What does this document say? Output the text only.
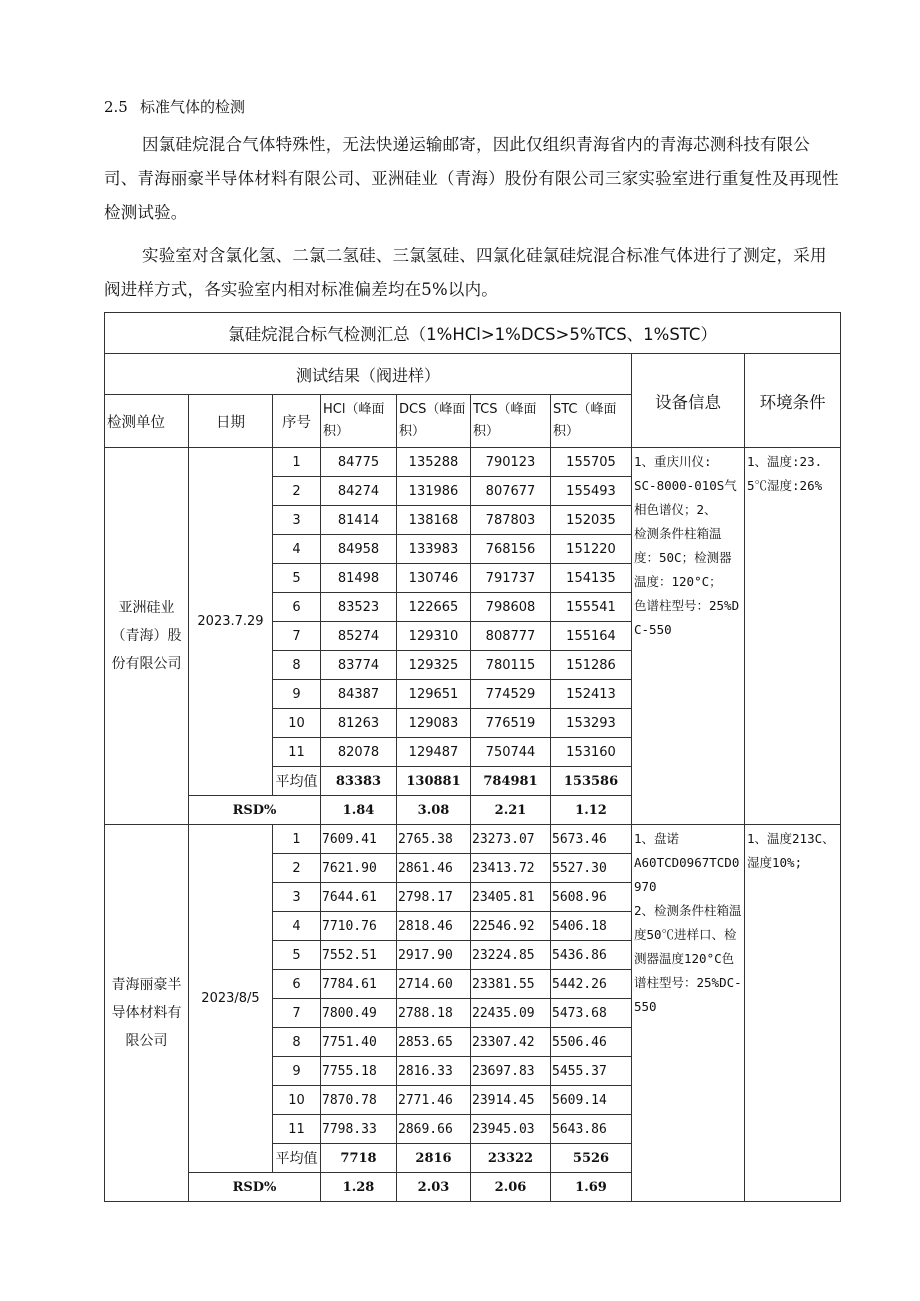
2.5 标准气体的检测
因氯硅烷混合气体特殊性，无法快递运输邮寄，因此仅组织青海省内的青海芯测科技有限公司、青海丽豪半导体材料有限公司、亚洲硅业（青海）股份有限公司三家实验室进行重复性及再现性检测试验。
实验室对含氯化氢、二氯二氢硅、三氯氢硅、四氯化硅氯硅烷混合标准气体进行了测定，采用阀进样方式，各实验室内相对标准偏差均在5%以内。
氯硅烷混合标气检测汇总（1%HCl>1%DCS>5%TCS、1%STC）								
测试结果（阀进样）							设备信息	环境条件
检测单位	日期	序号	HCl（峰面积）	DCS（峰面积）	TCS（峰面积）	STC（峰面积）		
亚洲硅业（青海）股份有限公司	2023.7.29	1	84775	135288	790123	155705	1、重庆川仪:
SC-8000-010S气相色谱仪；2、
检测条件柱箱温度：50C；检测器温度：120°C；
色谱柱型号：25%DC-550	1、温度:23.5℃湿度:26%

		2	84274	131986	807677	155493		
		3	81414	138168	787803	152035		
		4	84958	133983	768156	151220		
		5	81498	130746	791737	154135		
		6	83523	122665	798608	155541		
		7	85274	129310	808777	155164		
		8	83774	129325	780115	151286		
		9	84387	129651	774529	152413		
		10	81263	129083	776519	153293		
		11	82078	129487	750744	153160		
		平均值	83383	130881	784981	153586		
	RSD%		1.84	3.08	2.21	1.12		
青海丽豪半导体材料有限公司	2023/8/5	1	7609.41	2765.38	23273.07	5673.46	1、盘诺
A60TCD0967TCD0970
2、检测条件柱箱温度50℃进样口、检测器温度120°C色谱柱型号：25%DC-550	1、温度213C、湿度10%;

		2	7621.90	2861.46	23413.72	5527.30		
		3	7644.61	2798.17	23405.81	5608.96		
		4	7710.76	2818.46	22546.92	5406.18		
		5	7552.51	2917.90	23224.85	5436.86		
		6	7784.61	2714.60	23381.55	5442.26		
		7	7800.49	2788.18	22435.09	5473.68		
		8	7751.40	2853.65	23307.42	5506.46		
		9	7755.18	2816.33	23697.83	5455.37		
		10	7870.78	2771.46	23914.45	5609.14		
		11	7798.33	2869.66	23945.03	5643.86		
		平均值	7718	2816	23322	5526		
	RSD%		1.28	2.03	2.06	1.69		
